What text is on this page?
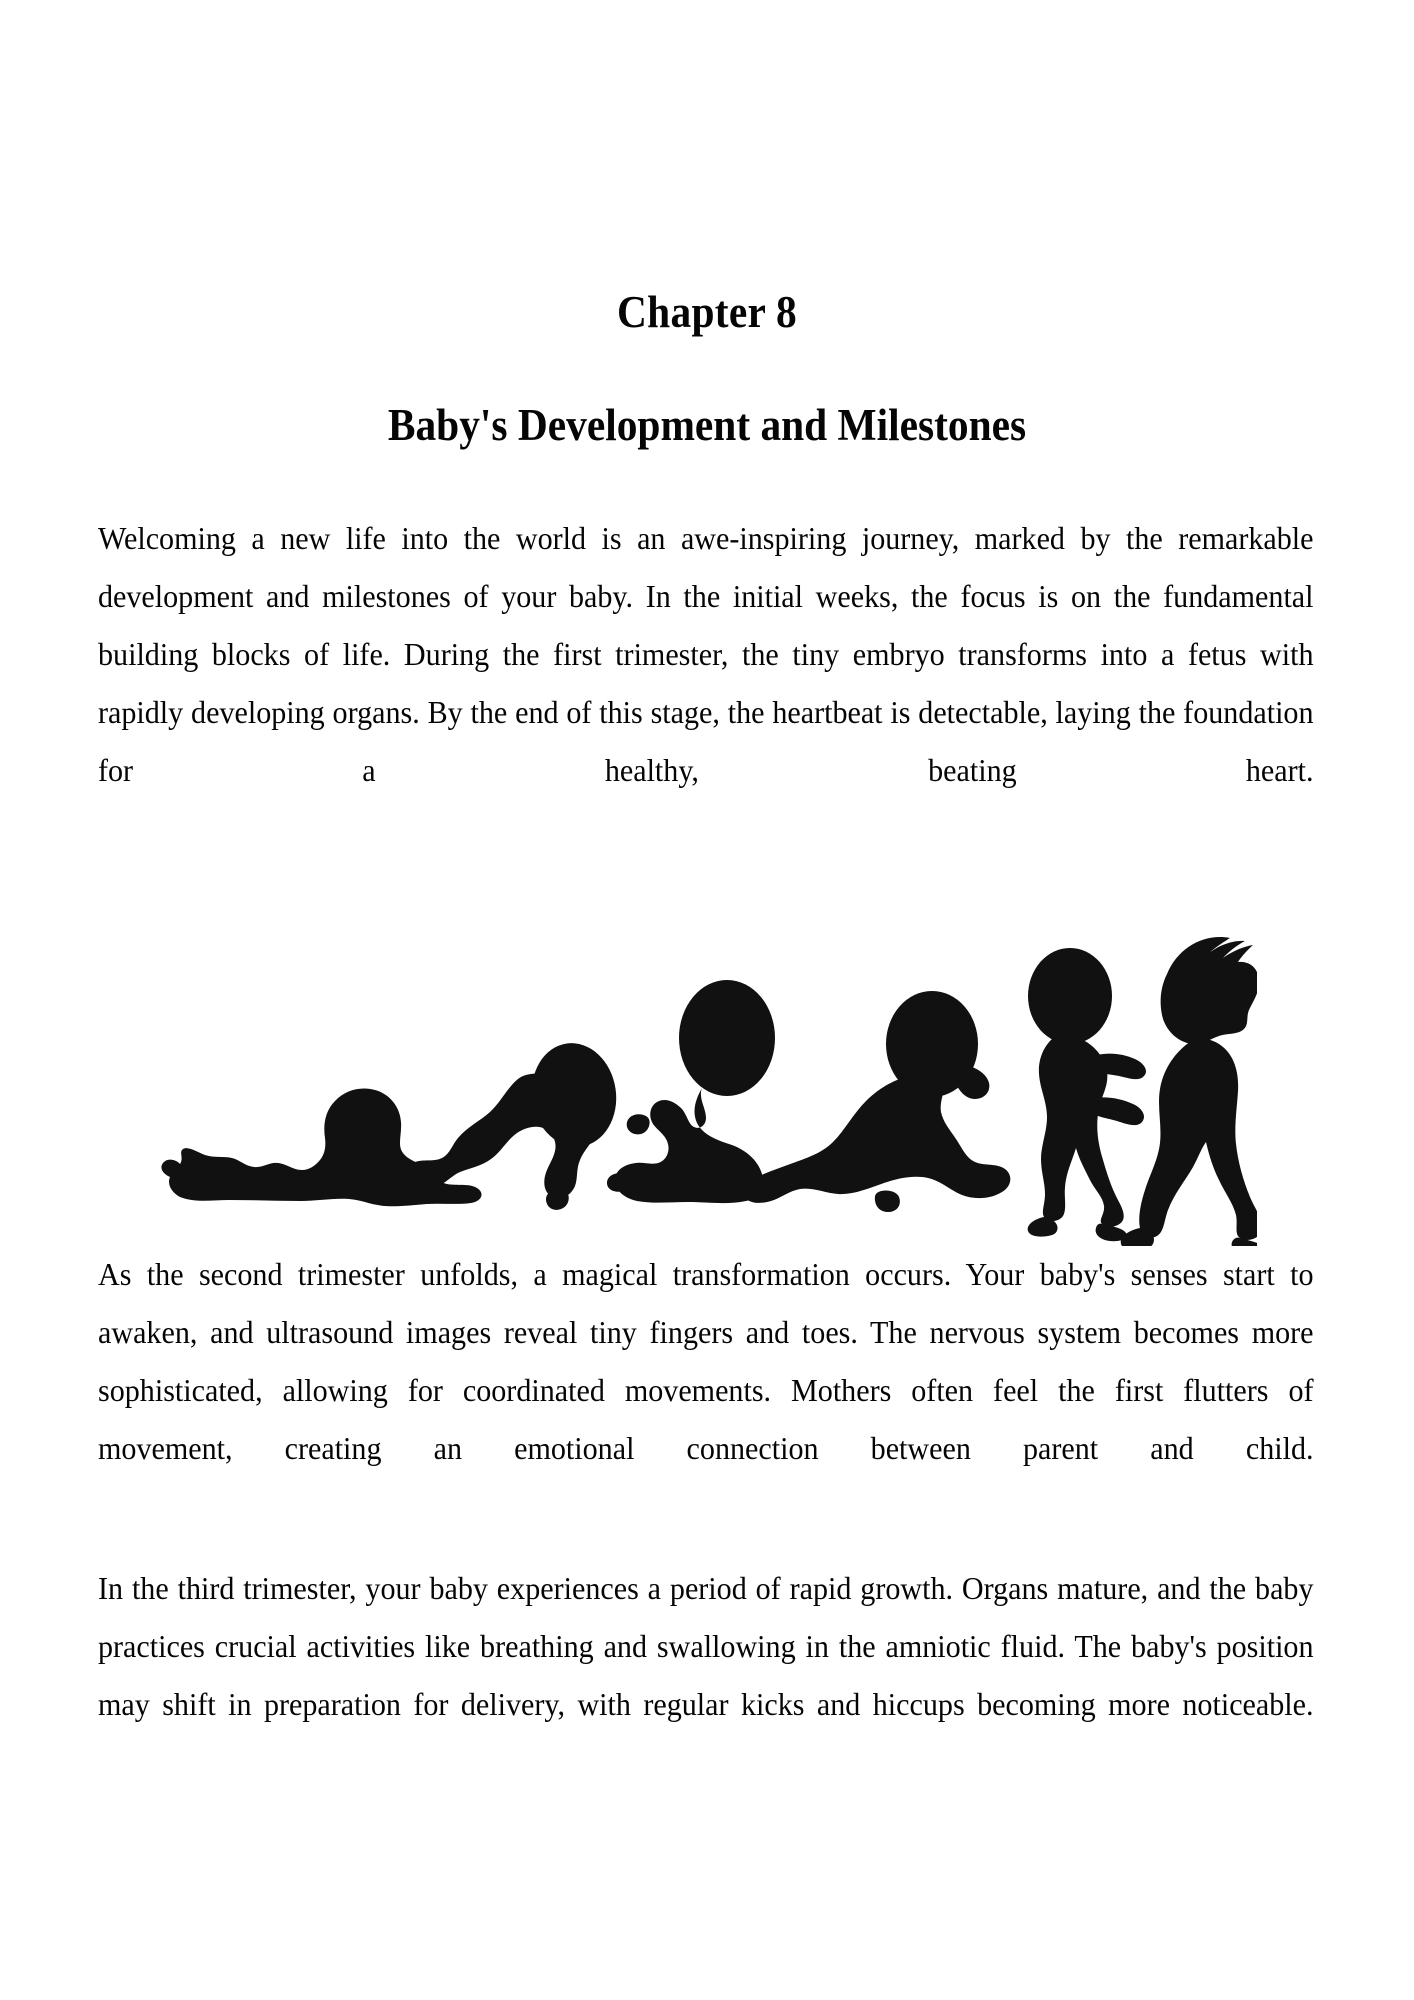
Chapter 8
Baby's Development and Milestones

Welcoming a new life into the world is an awe-inspiring journey, marked by the remarkable development and milestones of your baby. In the initial weeks, the focus is on the fundamental building blocks of life. During the first trimester, the tiny embryo transforms into a fetus with rapidly developing organs. By the end of this stage, the heartbeat is detectable, laying the foundation for a healthy, beating heart.

As the second trimester unfolds, a magical transformation occurs. Your baby's senses start to awaken, and ultrasound images reveal tiny fingers and toes. The nervous system becomes more sophisticated, allowing for coordinated movements. Mothers often feel the first flutters of movement, creating an emotional connection between parent and child.

In the third trimester, your baby experiences a period of rapid growth. Organs mature, and the baby practices crucial activities like breathing and swallowing in the amniotic fluid. The baby's position may shift in preparation for delivery, with regular kicks and hiccups becoming more noticeable.
